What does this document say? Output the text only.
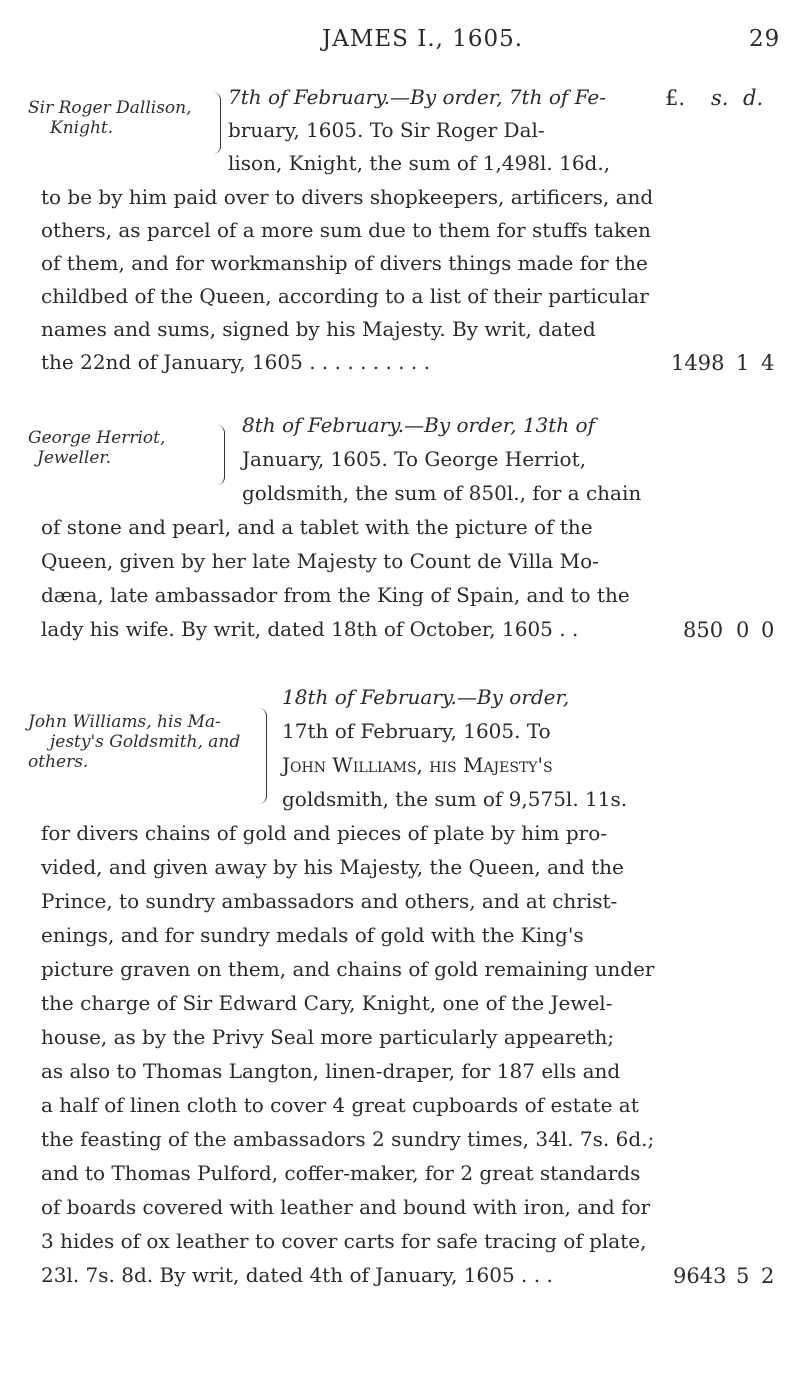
JAMES I., 1605.	29
Sir Roger Dallison,
Knight.
7th of February.—By order, 7th of Fe-	£. s. d.
bruary, 1605. To Sir Roger Dal-
lison, Knight, the sum of 1,498l. 16d.,
to be by him paid over to divers shopkeepers, artificers, and
others, as parcel of a more sum due to them for stuffs taken
of them, and for workmanship of divers things made for the
childbed of the Queen, according to a list of their particular
names and sums, signed by his Majesty. By writ, dated
the 22nd of January, 1605 . . . . . . . . . .	1498 1 4
George Herriot,
Jeweller.
8th of February.—By order, 13th of
January, 1605. To George Herriot,
goldsmith, the sum of 850l., for a chain
of stone and pearl, and a tablet with the picture of the
Queen, given by her late Majesty to Count de Villa Mo-
dæna, late ambassador from the King of Spain, and to the
lady his wife. By writ, dated 18th of October, 1605 . .	850 0 0
John Williams, his Ma-
jesty's Goldsmith, and
others.
18th of February.—By order,
17th of February, 1605. To
John Williams, his Majesty's
goldsmith, the sum of 9,575l. 11s.
for divers chains of gold and pieces of plate by him pro-
vided, and given away by his Majesty, the Queen, and the
Prince, to sundry ambassadors and others, and at christ-
enings, and for sundry medals of gold with the King's
picture graven on them, and chains of gold remaining under
the charge of Sir Edward Cary, Knight, one of the Jewel-
house, as by the Privy Seal more particularly appeareth;
as also to Thomas Langton, linen-draper, for 187 ells and
a half of linen cloth to cover 4 great cupboards of estate at
the feasting of the ambassadors 2 sundry times, 34l. 7s. 6d.;
and to Thomas Pulford, coffer-maker, for 2 great standards
of boards covered with leather and bound with iron, and for
3 hides of ox leather to cover carts for safe tracing of plate,
23l. 7s. 8d. By writ, dated 4th of January, 1605 . . .	9643 5 2
